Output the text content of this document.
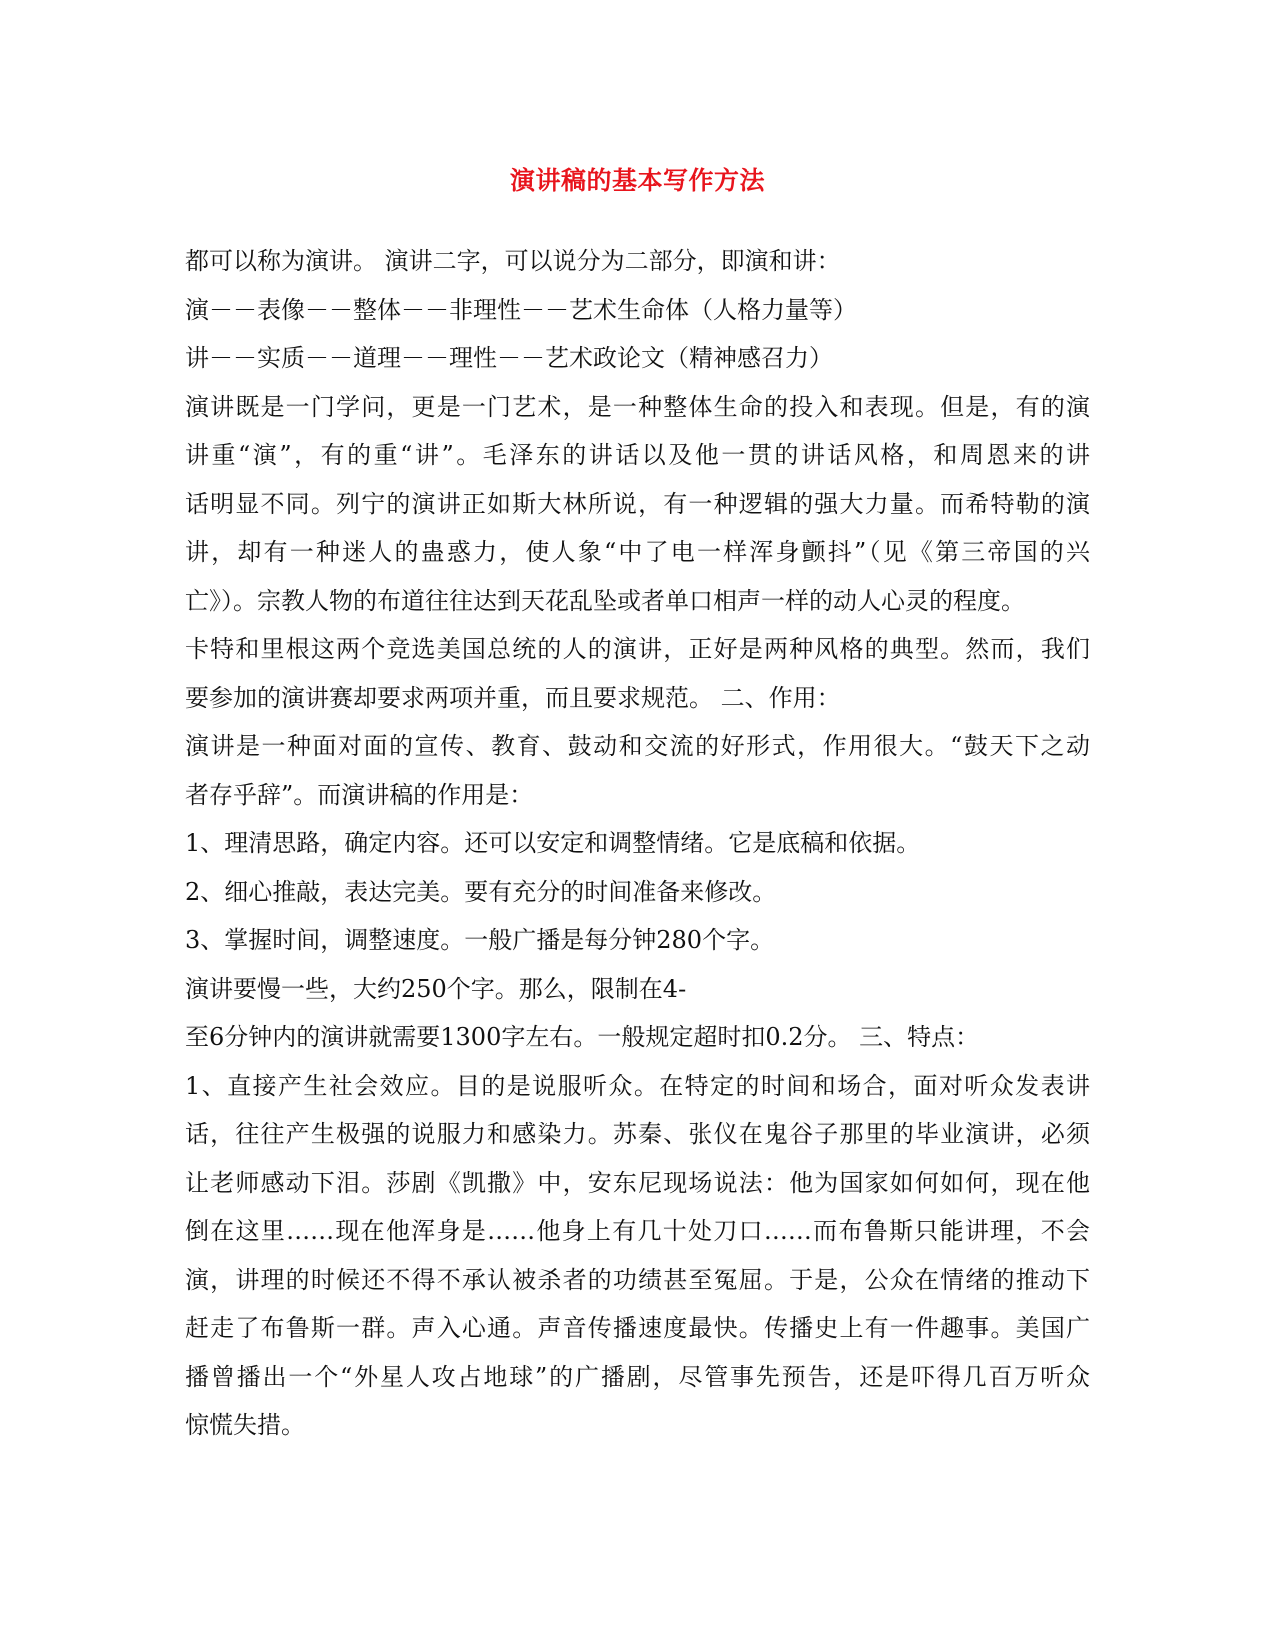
演讲稿的基本写作方法
都可以称为演讲。 演讲二字，可以说分为二部分，即演和讲：
演－－表像－－整体－－非理性－－艺术生命体（人格力量等）
讲－－实质－－道理－－理性－－艺术政论文（精神感召力）
演讲既是一门学问，更是一门艺术，是一种整体生命的投入和表现。但是，有的演
讲重“演”，有的重“讲”。毛泽东的讲话以及他一贯的讲话风格，和周恩来的讲
话明显不同。列宁的演讲正如斯大林所说，有一种逻辑的强大力量。而希特勒的演
讲，却有一种迷人的蛊惑力，使人象“中了电一样浑身颤抖”（见《第三帝国的兴
亡》）。宗教人物的布道往往达到天花乱坠或者单口相声一样的动人心灵的程度。
卡特和里根这两个竞选美国总统的人的演讲，正好是两种风格的典型。然而，我们
要参加的演讲赛却要求两项并重，而且要求规范。 二、作用：
演讲是一种面对面的宣传、教育、鼓动和交流的好形式，作用很大。“鼓天下之动
者存乎辞”。而演讲稿的作用是：
1、理清思路，确定内容。还可以安定和调整情绪。它是底稿和依据。
2、细心推敲，表达完美。要有充分的时间准备来修改。
3、掌握时间，调整速度。一般广播是每分钟280个字。
演讲要慢一些，大约250个字。那么，限制在4-
至6分钟内的演讲就需要1300字左右。一般规定超时扣0.2分。 三、特点：
1、直接产生社会效应。目的是说服听众。在特定的时间和场合，面对听众发表讲
话，往往产生极强的说服力和感染力。苏秦、张仪在鬼谷子那里的毕业演讲，必须
让老师感动下泪。莎剧《凯撒》中，安东尼现场说法：他为国家如何如何，现在他
倒在这里……现在他浑身是……他身上有几十处刀口……而布鲁斯只能讲理，不会
演，讲理的时候还不得不承认被杀者的功绩甚至冤屈。于是，公众在情绪的推动下
赶走了布鲁斯一群。声入心通。声音传播速度最快。传播史上有一件趣事。美国广
播曾播出一个“外星人攻占地球”的广播剧，尽管事先预告，还是吓得几百万听众
惊慌失措。
